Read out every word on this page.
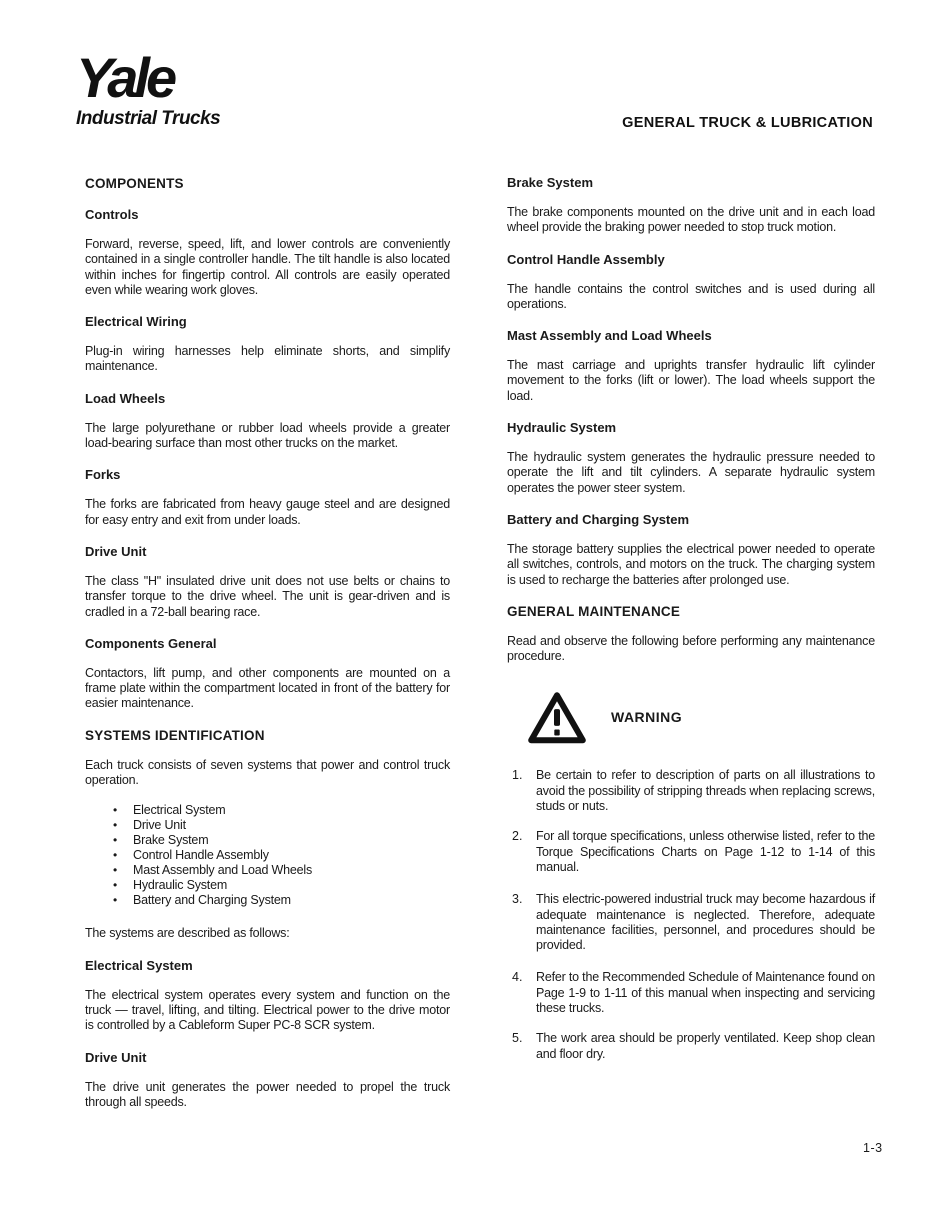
Yale
Industrial Trucks	GENERAL TRUCK & LUBRICATION
COMPONENTS
Controls

Forward, reverse, speed, lift, and lower controls are conveniently contained in a single controller handle. The tilt handle is also located within inches for fingertip control. All controls are easily operated even while wearing work gloves.

Electrical Wiring

Plug-in wiring harnesses help eliminate shorts, and simplify maintenance.

Load Wheels

The large polyurethane or rubber load wheels provide a greater load-bearing surface than most other trucks on the market.

Forks

The forks are fabricated from heavy gauge steel and are designed for easy entry and exit from under loads.

Drive Unit

The class "H" insulated drive unit does not use belts or chains to transfer torque to the drive wheel. The unit is gear-driven and is cradled in a 72-ball bearing race.

Components General

Contactors, lift pump, and other components are mounted on a frame plate within the compartment located in front of the battery for easier maintenance.

SYSTEMS IDENTIFICATION

Each truck consists of seven systems that power and control truck operation.

•	Electrical System
•	Drive Unit
•	Brake System
•	Control Handle Assembly
•	Mast Assembly and Load Wheels
•	Hydraulic System
•	Battery and Charging System

The systems are described as follows:

Electrical System

The electrical system operates every system and function on the truck — travel, lifting, and tilting. Electrical power to the drive motor is controlled by a Cableform Super PC-8 SCR system.

Drive Unit

The drive unit generates the power needed to propel the truck through all speeds.

Brake System

The brake components mounted on the drive unit and in each load wheel provide the braking power needed to stop truck motion.

Control Handle Assembly

The handle contains the control switches and is used during all operations.

Mast Assembly and Load Wheels

The mast carriage and uprights transfer hydraulic lift cylinder movement to the forks (lift or lower). The load wheels support the load.

Hydraulic System

The hydraulic system generates the hydraulic pressure needed to operate the lift and tilt cylinders. A separate hydraulic system operates the power steer system.

Battery and Charging System

The storage battery supplies the electrical power needed to operate all switches, controls, and motors on the truck. The charging system is used to recharge the batteries after prolonged use.

GENERAL MAINTENANCE

Read and observe the following before performing any maintenance procedure.

WARNING
1.	Be certain to refer to description of parts on all illustrations to avoid the possibility of stripping threads when replacing screws, studs or nuts.
2.	For all torque specifications, unless otherwise listed, refer to the Torque Specifications Charts on Page 1-12 to 1-14 of this manual.
3.	This electric-powered industrial truck may become hazardous if adequate maintenance is neglected. Therefore, adequate maintenance facilities, personnel, and procedures should be provided.
4.	Refer to the Recommended Schedule of Maintenance found on Page 1-9 to 1-11 of this manual when inspecting and servicing these trucks.
5.	The work area should be properly ventilated. Keep shop clean and floor dry.
1-3
